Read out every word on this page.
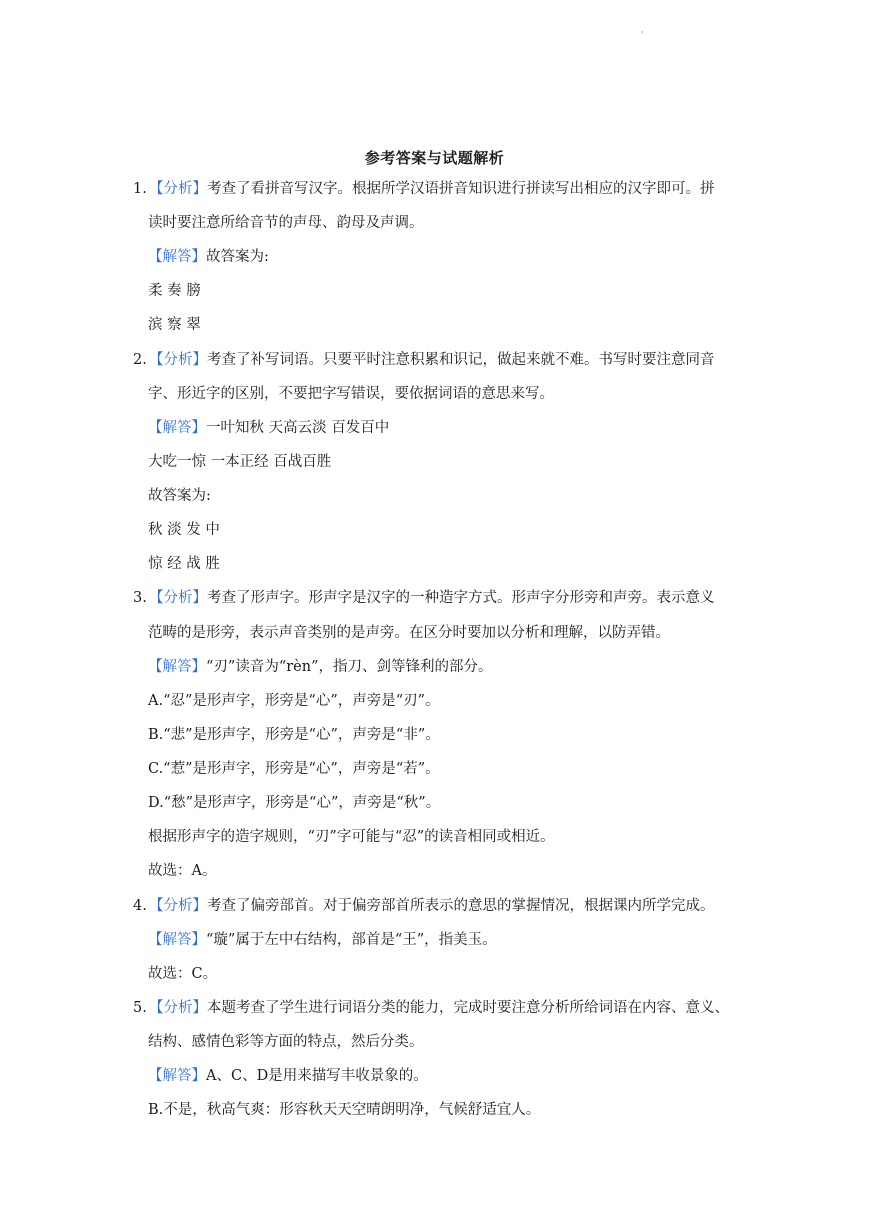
'
参考答案与试题解析
1. 【分析】考查了看拼音写汉字。根据所学汉语拼音知识进行拼读写出相应的汉字即可。拼
读时要注意所给音节的声母、韵母及声调。
【解答】故答案为:
柔 奏 膀
滨 察 翠
2. 【分析】考查了补写词语。只要平时注意积累和识记，做起来就不难。书写时要注意同音
字、形近字的区别，不要把字写错误，要依据词语的意思来写。
【解答】一叶知秋 天高云淡 百发百中
大吃一惊 一本正经 百战百胜
故答案为:
秋 淡 发 中
惊 经 战 胜
3. 【分析】考查了形声字。形声字是汉字的一种造字方式。形声字分形旁和声旁。表示意义
范畴的是形旁，表示声音类别的是声旁。在区分时要加以分析和理解，以防弄错。
【解答】“刃”读音为“rèn”，指刀、剑等锋利的部分。
A.“忍”是形声字，形旁是“心”，声旁是“刃”。
B.“悲”是形声字，形旁是“心”，声旁是“非”。
C.“惹”是形声字，形旁是“心”，声旁是“若”。
D.“愁”是形声字，形旁是“心”，声旁是“秋”。
根据形声字的造字规则，“刃”字可能与“忍”的读音相同或相近。
故选：A。
4. 【分析】考查了偏旁部首。对于偏旁部首所表示的意思的掌握情况，根据课内所学完成。
【解答】“璇”属于左中右结构，部首是“王”，指美玉。
故选：C。
5. 【分析】本题考查了学生进行词语分类的能力，完成时要注意分析所给词语在内容、意义、
结构、感情色彩等方面的特点，然后分类。
【解答】A、C、D是用来描写丰收景象的。
B.不是，秋高气爽：形容秋天天空晴朗明净，气候舒适宜人。
